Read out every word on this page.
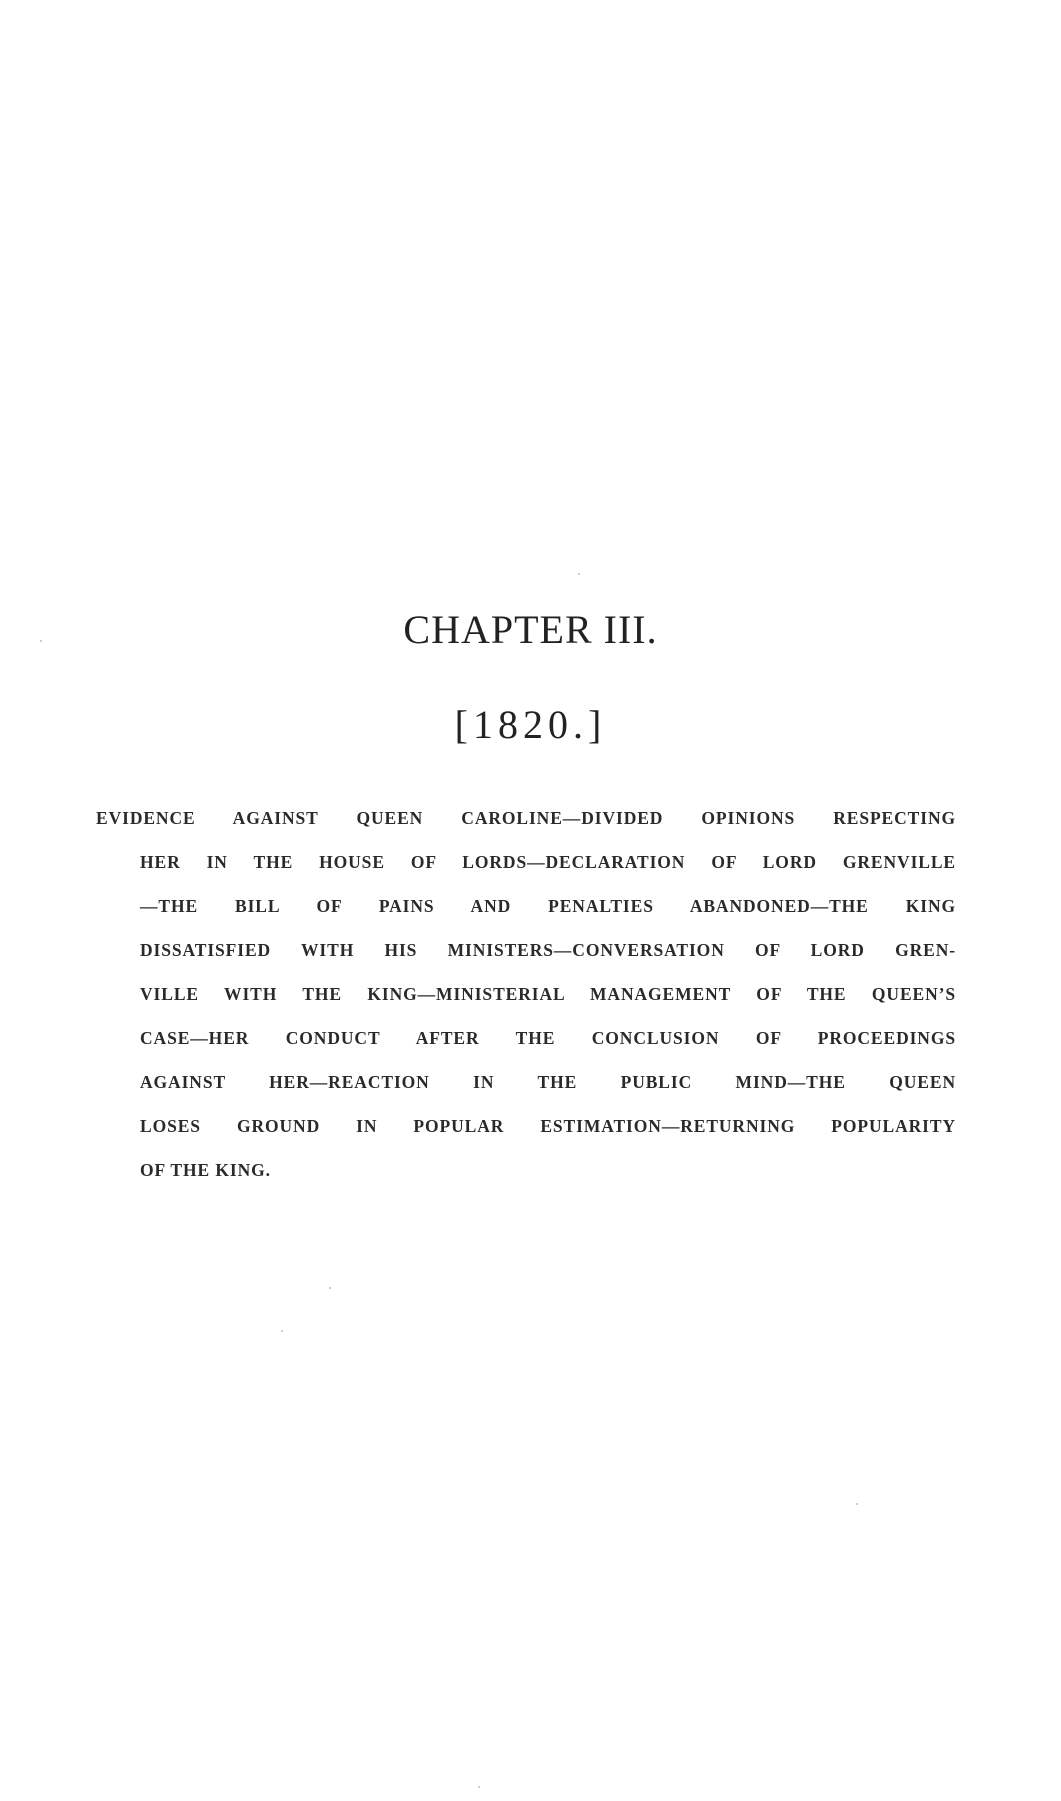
CHAPTER III.
[1820.]
EVIDENCE AGAINST QUEEN CAROLINE—DIVIDED OPINIONS RESPECTING
HER IN THE HOUSE OF LORDS—DECLARATION OF LORD GRENVILLE
—THE BILL OF PAINS AND PENALTIES ABANDONED—THE KING
DISSATISFIED WITH HIS MINISTERS—CONVERSATION OF LORD GREN-
VILLE WITH THE KING—MINISTERIAL MANAGEMENT OF THE QUEEN’S
CASE—HER CONDUCT AFTER THE CONCLUSION OF PROCEEDINGS
AGAINST HER—REACTION IN THE PUBLIC MIND—THE QUEEN
LOSES GROUND IN POPULAR ESTIMATION—RETURNING POPULARITY
OF THE KING.
